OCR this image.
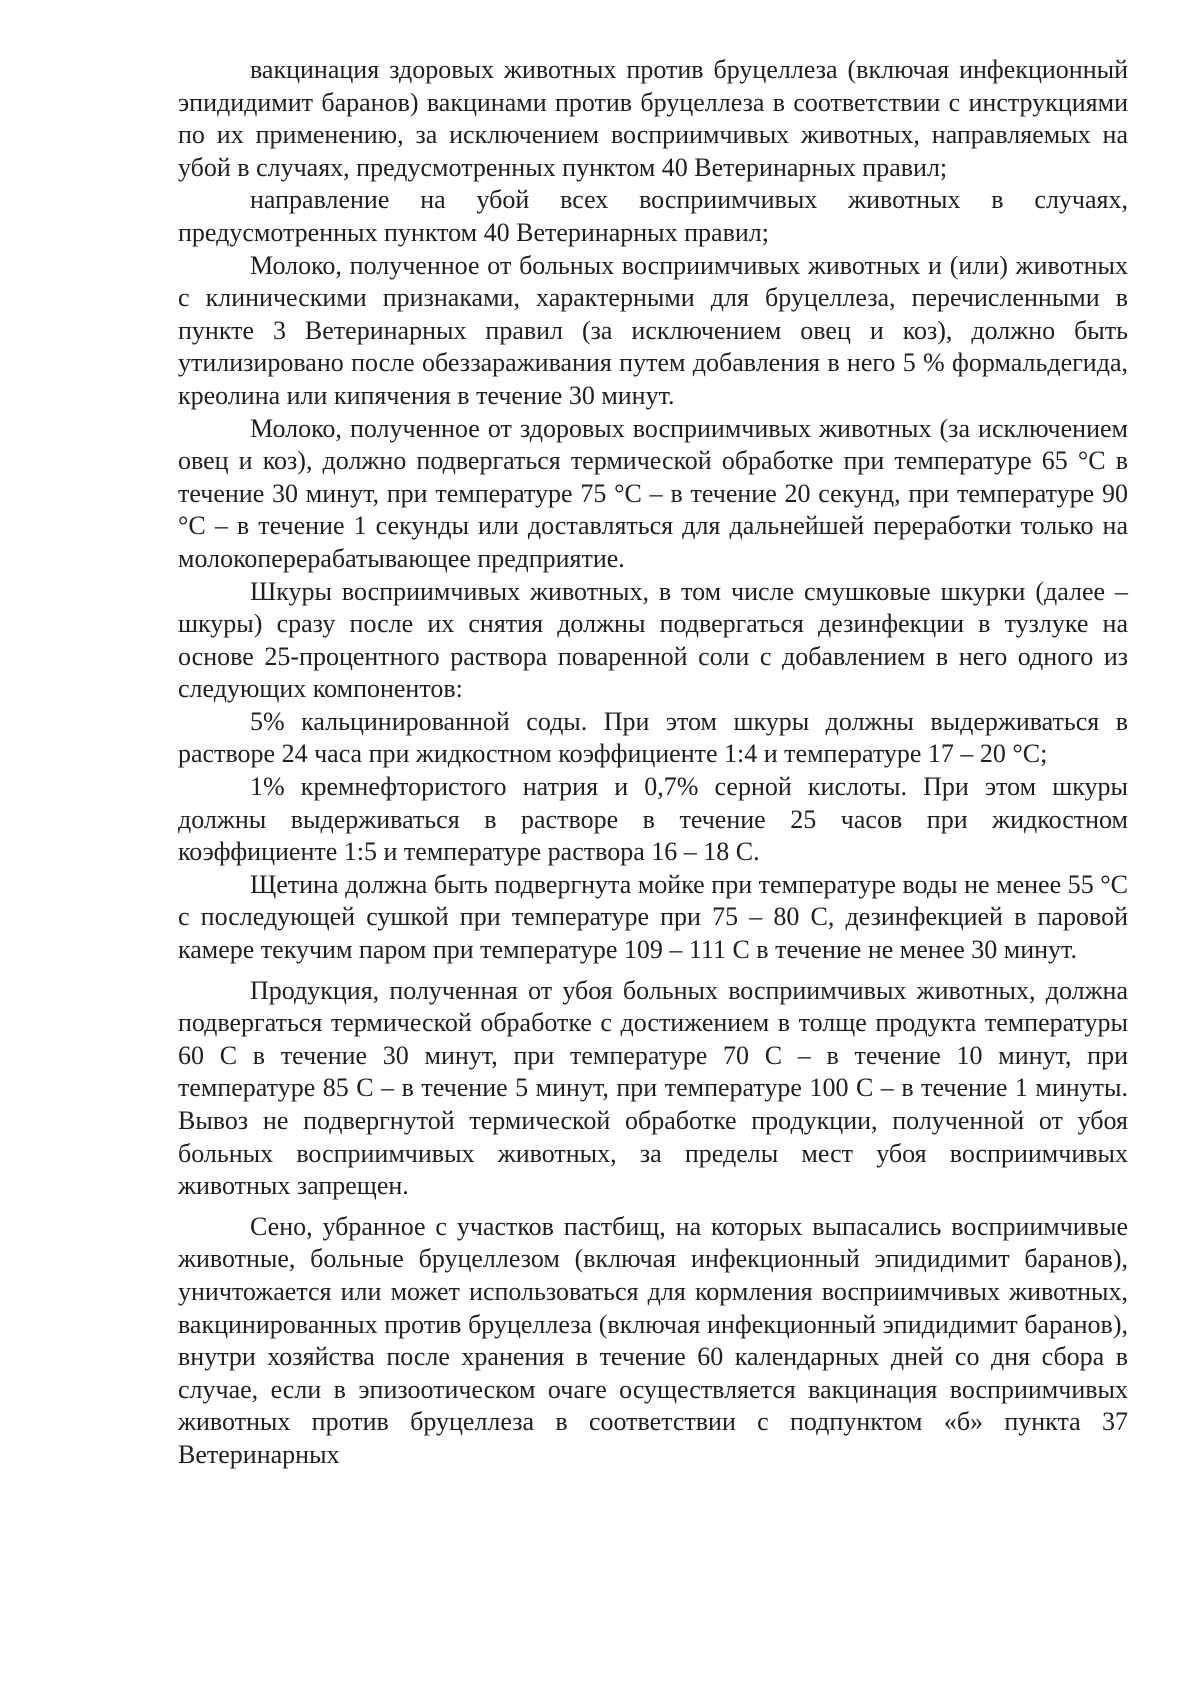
вакцинация здоровых животных против бруцеллеза (включая инфекционный эпидидимит баранов) вакцинами против бруцеллеза в соответствии с инструкциями по их применению, за исключением восприимчивых животных, направляемых на убой в случаях, предусмотренных пунктом 40 Ветеринарных правил;

направление на убой всех восприимчивых животных в случаях, предусмотренных пунктом 40 Ветеринарных правил;

Молоко, полученное от больных восприимчивых животных и (или) животных с клиническими признаками, характерными для бруцеллеза, перечисленными в пункте 3 Ветеринарных правил (за исключением овец и коз), должно быть утилизировано после обеззараживания путем добавления в него 5 % формальдегида, креолина или кипячения в течение 30 минут.

Молоко, полученное от здоровых восприимчивых животных (за исключением овец и коз), должно подвергаться термической обработке при температуре 65 °C в течение 30 минут, при температуре 75 °C – в течение 20 секунд, при температуре 90 °C – в течение 1 секунды или доставляться для дальнейшей переработки только на молокоперерабатывающее предприятие.

Шкуры восприимчивых животных, в том числе смушковые шкурки (далее – шкуры) сразу после их снятия должны подвергаться дезинфекции в тузлуке на основе 25-процентного раствора поваренной соли с добавлением в него одного из следующих компонентов:

5% кальцинированной соды. При этом шкуры должны выдерживаться в растворе 24 часа при жидкостном коэффициенте 1:4 и температуре 17 – 20 °C;

1% кремнефтористого натрия и 0,7% серной кислоты. При этом шкуры должны выдерживаться в растворе в течение 25 часов при жидкостном коэффициенте 1:5 и температуре раствора 16 – 18 С.

Щетина должна быть подвергнута мойке при температуре воды не менее 55 °C с последующей сушкой при температуре при 75 – 80 С, дезинфекцией в паровой камере текучим паром при температуре 109 – 111 С в течение не менее 30 минут.

Продукция, полученная от убоя больных восприимчивых животных, должна подвергаться термической обработке с достижением в толще продукта температуры 60 С в течение 30 минут, при температуре 70 С – в течение 10 минут, при температуре 85 С – в течение 5 минут, при температуре 100 С – в течение 1 минуты. Вывоз не подвергнутой термической обработке продукции, полученной от убоя больных восприимчивых животных, за пределы мест убоя восприимчивых животных запрещен.

Сено, убранное с участков пастбищ, на которых выпасались восприимчивые животные, больные бруцеллезом (включая инфекционный эпидидимит баранов), уничтожается или может использоваться для кормления восприимчивых животных, вакцинированных против бруцеллеза (включая инфекционный эпидидимит баранов), внутри хозяйства после хранения в течение 60 календарных дней со дня сбора в случае, если в эпизоотическом очаге осуществляется вакцинация восприимчивых животных против бруцеллеза в соответствии с подпунктом «б» пункта 37 Ветеринарных
